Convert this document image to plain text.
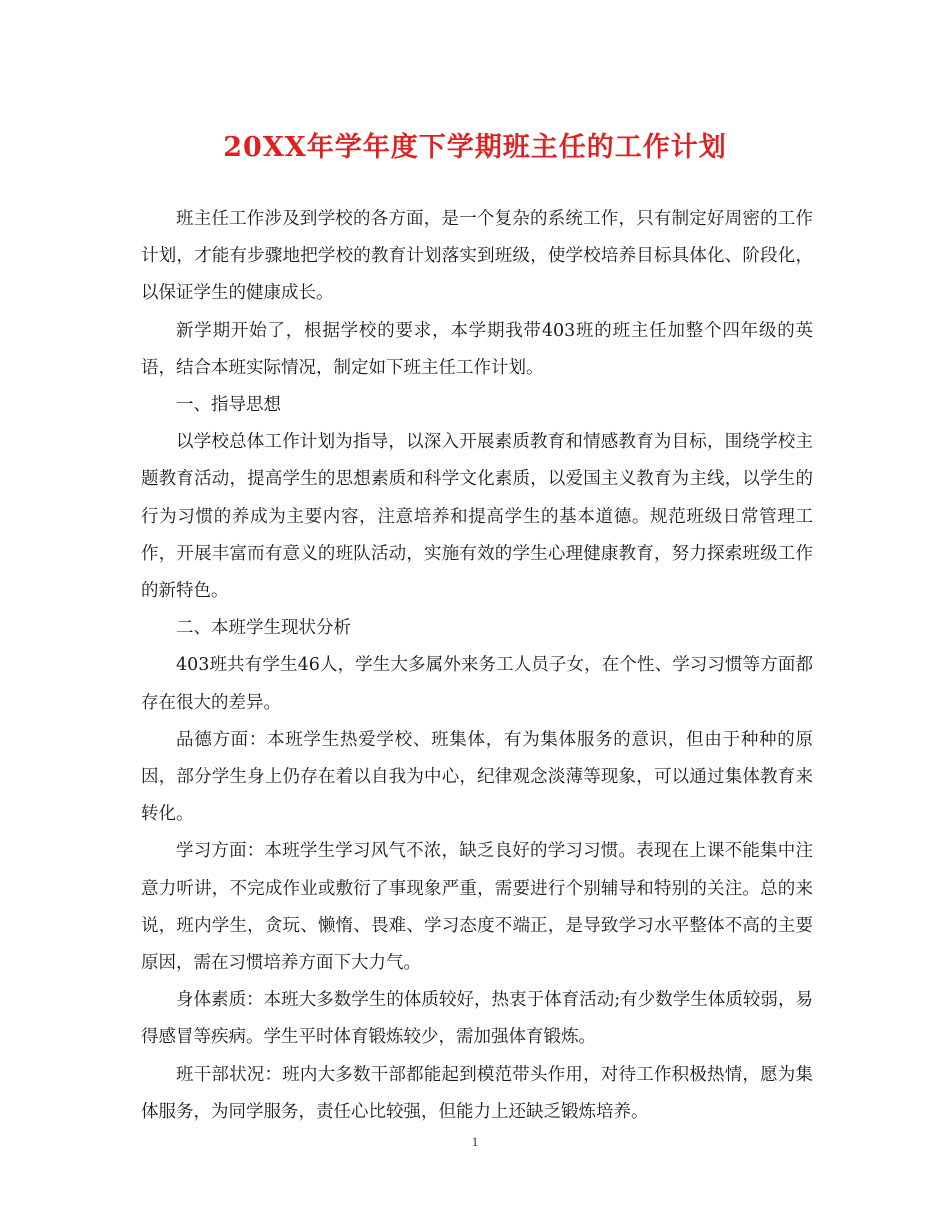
20XX年学年度下学期班主任的工作计划

班主任工作涉及到学校的各方面，是一个复杂的系统工作，只有制定好周密的工作计划，才能有步骤地把学校的教育计划落实到班级，使学校培养目标具体化、阶段化，以保证学生的健康成长。

新学期开始了，根据学校的要求，本学期我带403班的班主任加整个四年级的英语，结合本班实际情况，制定如下班主任工作计划。

一、指导思想

以学校总体工作计划为指导，以深入开展素质教育和情感教育为目标，围绕学校主题教育活动，提高学生的思想素质和科学文化素质，以爱国主义教育为主线，以学生的行为习惯的养成为主要内容，注意培养和提高学生的基本道德。规范班级日常管理工作，开展丰富而有意义的班队活动，实施有效的学生心理健康教育，努力探索班级工作的新特色。

二、本班学生现状分析

403班共有学生46人，学生大多属外来务工人员子女，在个性、学习习惯等方面都存在很大的差异。

品德方面：本班学生热爱学校、班集体，有为集体服务的意识，但由于种种的原因，部分学生身上仍存在着以自我为中心，纪律观念淡薄等现象，可以通过集体教育来转化。

学习方面：本班学生学习风气不浓，缺乏良好的学习习惯。表现在上课不能集中注意力听讲，不完成作业或敷衍了事现象严重，需要进行个别辅导和特别的关注。总的来说，班内学生，贪玩、懒惰、畏难、学习态度不端正，是导致学习水平整体不高的主要原因，需在习惯培养方面下大力气。

身体素质：本班大多数学生的体质较好，热衷于体育活动;有少数学生体质较弱，易得感冒等疾病。学生平时体育锻炼较少，需加强体育锻炼。

班干部状况：班内大多数干部都能起到模范带头作用，对待工作积极热情，愿为集体服务，为同学服务，责任心比较强，但能力上还缺乏锻炼培养。

1
